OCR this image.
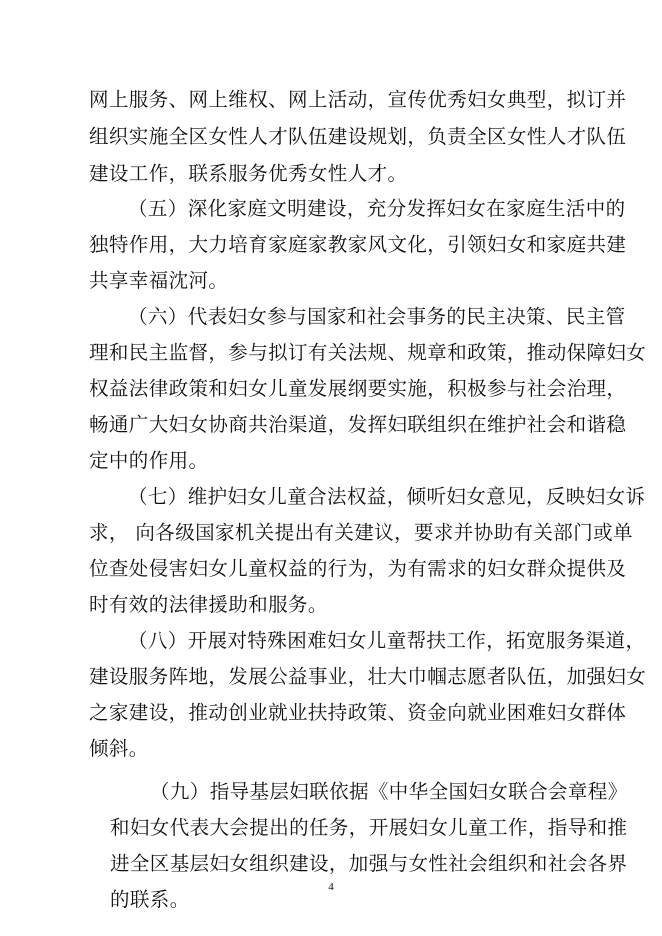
网上服务、网上维权、网上活动，宣传优秀妇女典型，拟订并
组织实施全区女性人才队伍建设规划，负责全区女性人才队伍
建设工作，联系服务优秀女性人才。
（五）深化家庭文明建设，充分发挥妇女在家庭生活中的
独特作用，大力培育家庭家教家风文化，引领妇女和家庭共建
共享幸福沈河。
（六）代表妇女参与国家和社会事务的民主决策、民主管
理和民主监督，参与拟订有关法规、规章和政策，推动保障妇女
权益法律政策和妇女儿童发展纲要实施，积极参与社会治理，
畅通广大妇女协商共治渠道，发挥妇联组织在维护社会和谐稳
定中的作用。
（七）维护妇女儿童合法权益，倾听妇女意见，反映妇女诉
求， 向各级国家机关提出有关建议，要求并协助有关部门或单
位查处侵害妇女儿童权益的行为，为有需求的妇女群众提供及
时有效的法律援助和服务。
（八）开展对特殊困难妇女儿童帮扶工作，拓宽服务渠道，
建设服务阵地，发展公益事业，壮大巾帼志愿者队伍，加强妇女
之家建设，推动创业就业扶持政策、资金向就业困难妇女群体
倾斜。
（九）指导基层妇联依据《中华全国妇女联合会章程》
和妇女代表大会提出的任务，开展妇女儿童工作，指导和推
进全区基层妇女组织建设，加强与女性社会组织和社会各界
的联系。
4
